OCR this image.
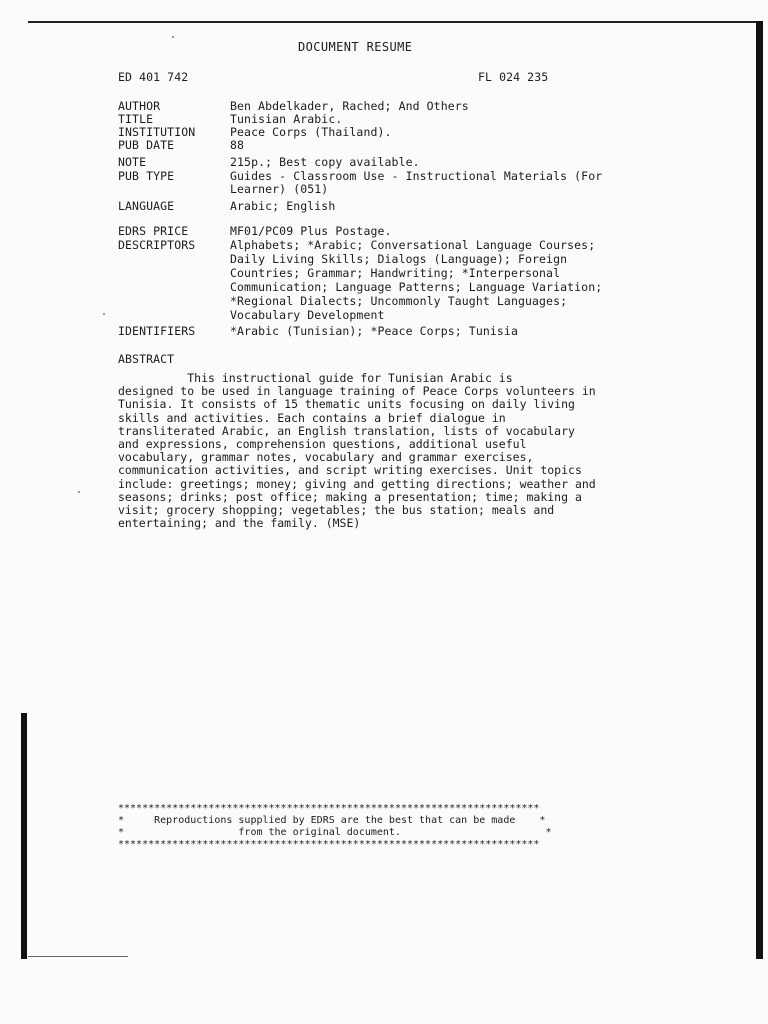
DOCUMENT RESUME
ED 401 742	FL 024 235
AUTHOR	Ben Abdelkader, Rached; And Others
TITLE	Tunisian Arabic.
INSTITUTION	Peace Corps (Thailand).
PUB DATE	88
NOTE	215p.; Best copy available.
PUB TYPE	Guides - Classroom Use - Instructional Materials (For
Learner) (051)
LANGUAGE	Arabic; English
EDRS PRICE	MF01/PC09 Plus Postage.
DESCRIPTORS	Alphabets; *Arabic; Conversational Language Courses;
Daily Living Skills; Dialogs (Language); Foreign
Countries; Grammar; Handwriting; *Interpersonal
Communication; Language Patterns; Language Variation;
*Regional Dialects; Uncommonly Taught Languages;
Vocabulary Development
IDENTIFIERS	*Arabic (Tunisian); *Peace Corps; Tunisia
ABSTRACT
This instructional guide for Tunisian Arabic is
designed to be used in language training of Peace Corps volunteers in
Tunisia. It consists of 15 thematic units focusing on daily living
skills and activities. Each contains a brief dialogue in
transliterated Arabic, an English translation, lists of vocabulary
and expressions, comprehension questions, additional useful
vocabulary, grammar notes, vocabulary and grammar exercises,
communication activities, and script writing exercises. Unit topics
include: greetings; money; giving and getting directions; weather and
seasons; drinks; post office; making a presentation; time; making a
visit; grocery shopping; vegetables; the bus station; meals and
entertaining; and the family. (MSE)
**********************************************************************
*     Reproductions supplied by EDRS are the best that can be made    *
*                   from the original document.                        *
**********************************************************************
